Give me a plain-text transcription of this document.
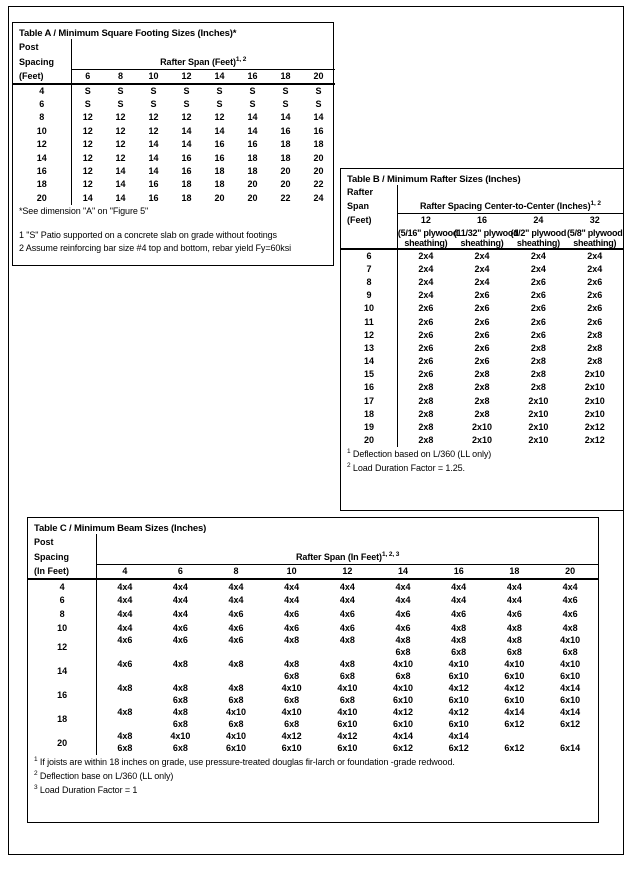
Table A / Minimum Square Footing Sizes (Inches)*
Post								
Spacing	Rafter Span (Feet)$^{1, 2}$
(Feet)	6	8	10	12	14	16	18	20
4	S	S	S	S	S	S	S	S
6	S	S	S	S	S	S	S	S
8	12	12	12	12	12	14	14	14
10	12	12	12	14	14	14	16	16
12	12	12	14	14	16	16	18	18
14	12	12	14	16	16	18	18	20
16	12	14	14	16	18	18	20	20
18	12	14	16	18	18	20	20	22
20	14	14	16	18	20	20	22	24
*See dimension "A" on "Figure 5"
1 "S" Patio supported on a concrete slab on grade without footings
2 Assume reinforcing bar size #4 top and bottom, rebar yield Fy=60ksi
Table B / Minimum Rafter Sizes (Inches)
Rafter				
Span	Rafter Spacing Center-to-Center (Inches)$^{1, 2}$
(Feet)	12	16	24	32
	(5/16" plywood	(11/32" plywood	(1/2" plywood	(5/8" plywood
	sheathing)	sheathing)	sheathing)	sheathing)
6	2x4	2x4	2x4	2x4
7	2x4	2x4	2x4	2x4
8	2x4	2x4	2x6	2x6
9	2x4	2x6	2x6	2x6
10	2x6	2x6	2x6	2x6
11	2x6	2x6	2x6	2x6
12	2x6	2x6	2x6	2x8
13	2x6	2x6	2x8	2x8
14	2x6	2x6	2x8	2x8
15	2x6	2x8	2x8	2x10
16	2x8	2x8	2x8	2x10
17	2x8	2x8	2x10	2x10
18	2x8	2x8	2x10	2x10
19	2x8	2x10	2x10	2x12
20	2x8	2x10	2x10	2x12
$^1$ Deflection based on L/360 (LL only)
$^2$ Load Duration Factor = 1.25.
Table C / Minimum Beam Sizes (Inches)
Post									
Spacing	Rafter Span (In Feet)$^{1, 2, 3}$
(In Feet)	4	6	8	10	12	14	16	18	20
4	4x4	4x4	4x4	4x4	4x4	4x4	4x4	4x4	4x4
6	4x4	4x4	4x4	4x4	4x4	4x4	4x4	4x4	4x6
8	4x4	4x4	4x6	4x6	4x6	4x6	4x6	4x6	4x6
10	4x4	4x6	4x6	4x6	4x6	4x6	4x8	4x8	4x8
12	4x6	4x6	4x6	4x8	4x8	4x8	4x8	4x8	4x10
						6x8	6x8	6x8	6x8
14	4x6	4x8	4x8	4x8	4x8	4x10	4x10	4x10	4x10
				6x8	6x8	6x8	6x10	6x10	6x10
16	4x8	4x8	4x8	4x10	4x10	4x10	4x12	4x12	4x14
		6x8	6x8	6x8	6x8	6x10	6x10	6x10	6x10
18	4x8	4x8	4x10	4x10	4x10	4x12	4x12	4x14	4x14
		6x8	6x8	6x8	6x10	6x10	6x10	6x12	6x12
20	4x8	4x10	4x10	4x12	4x12	4x14	4x14		
	6x8	6x8	6x10	6x10	6x10	6x12	6x12	6x12	6x14
$^1$ If joists are within 18 inches on grade, use pressure-treated douglas fir-larch or foundation -grade redwood.
$^2$ Deflection base on L/360 (LL only)
$^3$ Load Duration Factor = 1
